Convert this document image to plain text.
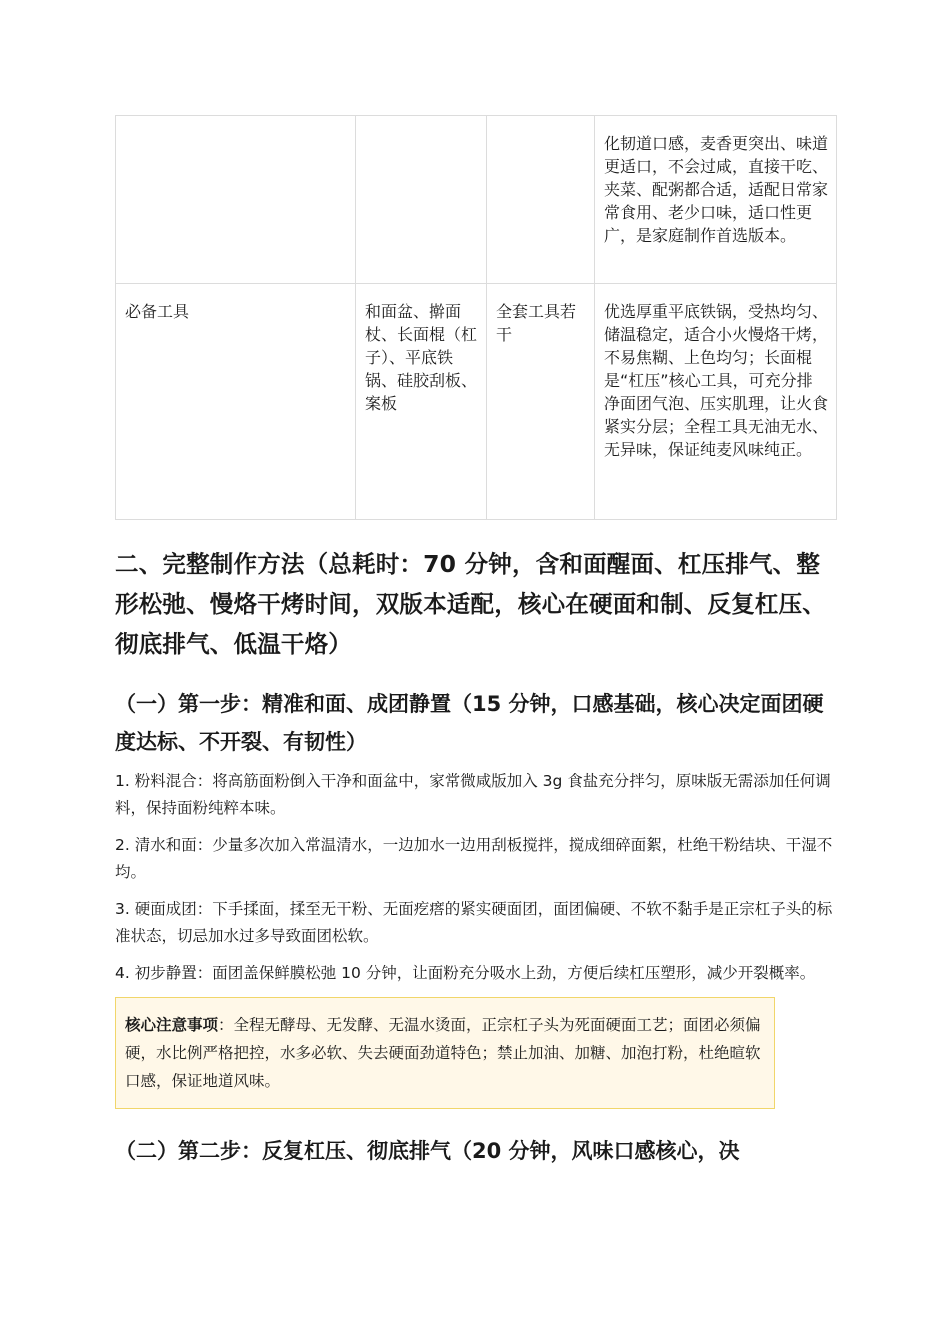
			化韧道口感，麦香更突出、味道更适口，不会过咸，直接干吃、夹菜、配粥都合适，适配日常家常食用、老少口味，适口性更广，是家庭制作首选版本。
必备工具	和面盆、擀面杖、长面棍（杠子）、平底铁锅、硅胶刮板、案板	全套工具若干	优选厚重平底铁锅，受热均匀、储温稳定，适合小火慢烙干烤，不易焦糊、上色均匀；长面棍是“杠压”核心工具，可充分排净面团气泡、压实肌理，让火食紧实分层；全程工具无油无水、无异味，保证纯麦风味纯正。
二、完整制作方法（总耗时：70 分钟，含和面醒面、杠压排气、整形松弛、慢烙干烤时间，双版本适配，核心在硬面和制、反复杠压、彻底排气、低温干烙）
（一）第一步：精准和面、成团静置（15 分钟，口感基础，核心决定面团硬度达标、不开裂、有韧性）
1. 粉料混合：将高筋面粉倒入干净和面盆中，家常微咸版加入 3g 食盐充分拌匀，原味版无需添加任何调料，保持面粉纯粹本味。
2. 清水和面：少量多次加入常温清水，一边加水一边用刮板搅拌，搅成细碎面絮，杜绝干粉结块、干湿不均。
3. 硬面成团：下手揉面，揉至无干粉、无面疙瘩的紧实硬面团，面团偏硬、不软不黏手是正宗杠子头的标准状态，切忌加水过多导致面团松软。
4. 初步静置：面团盖保鲜膜松弛 10 分钟，让面粉充分吸水上劲，方便后续杠压塑形，减少开裂概率。
核心注意事项：全程无酵母、无发酵、无温水烫面，正宗杠子头为死面硬面工艺；面团必须偏硬，水比例严格把控，水多必软、失去硬面劲道特色；禁止加油、加糖、加泡打粉，杜绝暄软口感，保证地道风味。
（二）第二步：反复杠压、彻底排气（20 分钟，风味口感核心，决
